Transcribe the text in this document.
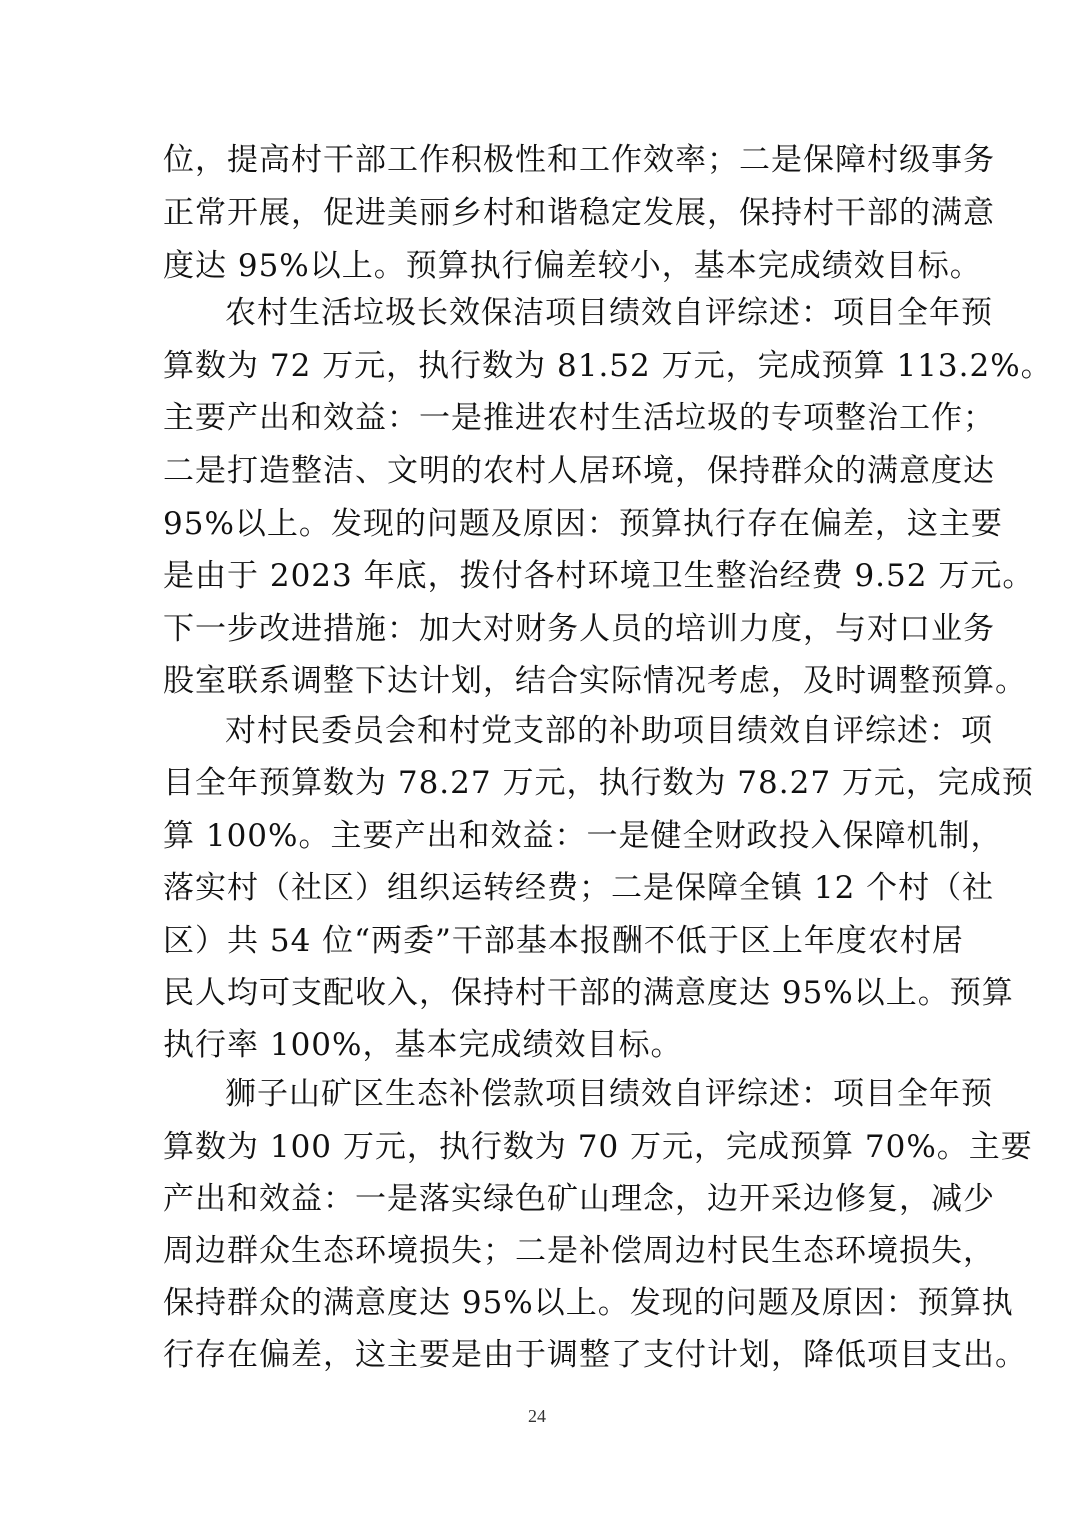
位，提高村干部工作积极性和工作效率；二是保障村级事务
正常开展，促进美丽乡村和谐稳定发展，保持村干部的满意
度达 95%以上。预算执行偏差较小，基本完成绩效目标。
农村生活垃圾长效保洁项目绩效自评综述：项目全年预
算数为 72 万元，执行数为 81.52 万元，完成预算 113.2%。
主要产出和效益：一是推进农村生活垃圾的专项整治工作；
二是打造整洁、文明的农村人居环境，保持群众的满意度达
95%以上。发现的问题及原因：预算执行存在偏差，这主要
是由于 2023 年底，拨付各村环境卫生整治经费 9.52 万元。
下一步改进措施：加大对财务人员的培训力度，与对口业务
股室联系调整下达计划，结合实际情况考虑，及时调整预算。
对村民委员会和村党支部的补助项目绩效自评综述：项
目全年预算数为 78.27 万元，执行数为 78.27 万元，完成预
算 100%。主要产出和效益：一是健全财政投入保障机制，
落实村（社区）组织运转经费；二是保障全镇 12 个村（社
区）共 54 位“两委”干部基本报酬不低于区上年度农村居
民人均可支配收入，保持村干部的满意度达 95%以上。预算
执行率 100%，基本完成绩效目标。
狮子山矿区生态补偿款项目绩效自评综述：项目全年预
算数为 100 万元，执行数为 70 万元，完成预算 70%。主要
产出和效益：一是落实绿色矿山理念，边开采边修复，减少
周边群众生态环境损失；二是补偿周边村民生态环境损失，
保持群众的满意度达 95%以上。发现的问题及原因：预算执
行存在偏差，这主要是由于调整了支付计划，降低项目支出。
24
